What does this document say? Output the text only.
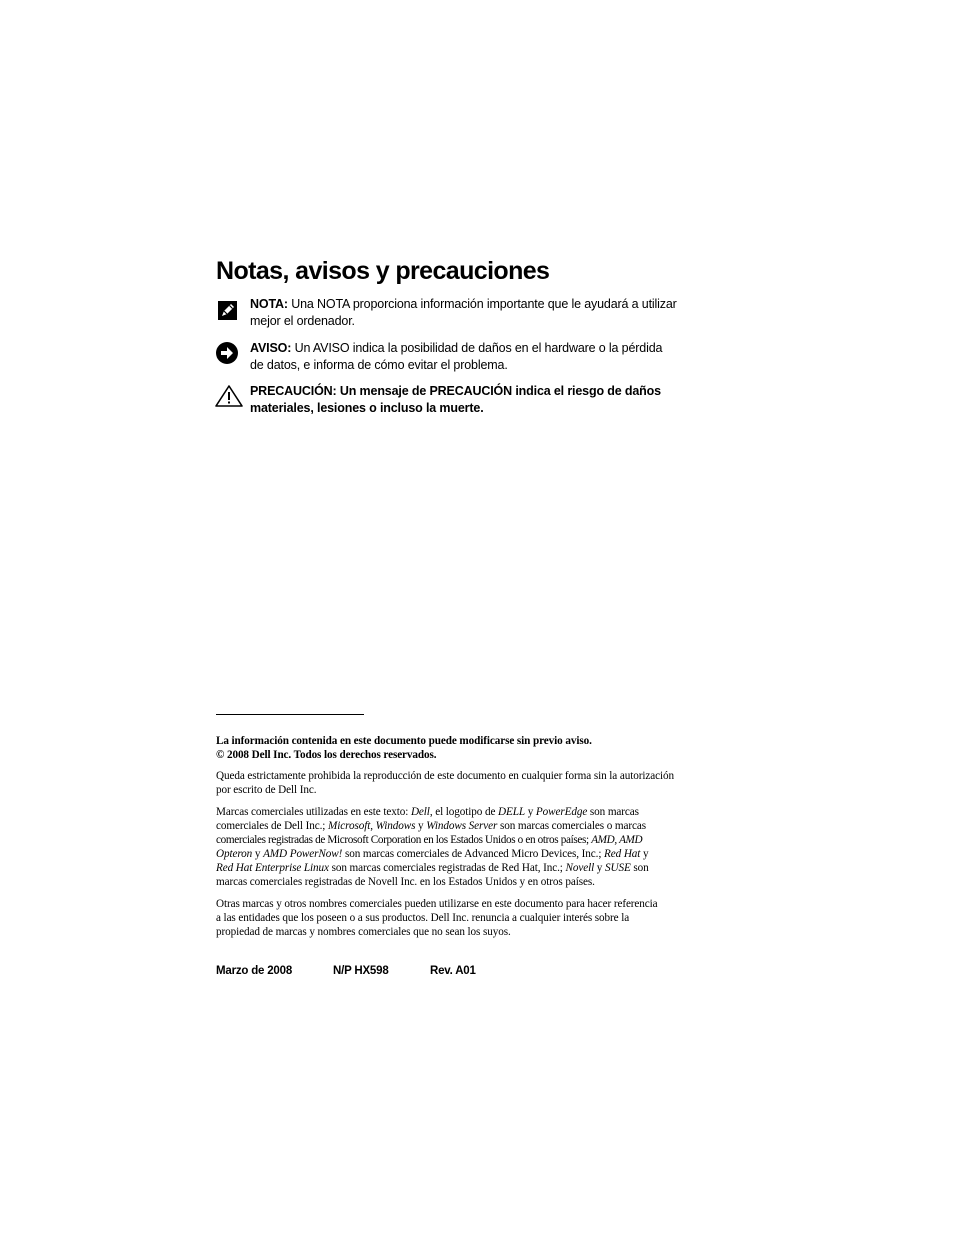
Notas, avisos y precauciones
NOTA: Una NOTA proporciona información importante que le ayudará a utilizar
mejor el ordenador.
AVISO: Un AVISO indica la posibilidad de daños en el hardware o la pérdida
de datos, e informa de cómo evitar el problema.
PRECAUCIÓN: Un mensaje de PRECAUCIÓN indica el riesgo de daños
materiales, lesiones o incluso la muerte.

La información contenida en este documento puede modificarse sin previo aviso.

© 2008 Dell Inc. Todos los derechos reservados.

Queda estrictamente prohibida la reproducción de este documento en cualquier forma sin la autorización

por escrito de Dell Inc.

Marcas comerciales utilizadas en este texto: Dell, el logotipo de DELL y PowerEdge son marcas

comerciales de Dell Inc.; Microsoft, Windows y Windows Server son marcas comerciales o marcas

comerciales registradas de Microsoft Corporation en los Estados Unidos o en otros países; AMD, AMD

Opteron y AMD PowerNow! son marcas comerciales de Advanced Micro Devices, Inc.; Red Hat y

Red Hat Enterprise Linux son marcas comerciales registradas de Red Hat, Inc.; Novell y SUSE son

marcas comerciales registradas de Novell Inc. en los Estados Unidos y en otros países.

Otras marcas y otros nombres comerciales pueden utilizarse en este documento para hacer referencia

a las entidades que los poseen o a sus productos. Dell Inc. renuncia a cualquier interés sobre la

propiedad de marcas y nombres comerciales que no sean los suyos.

Marzo de 2008	N/P HX598	Rev. A01
